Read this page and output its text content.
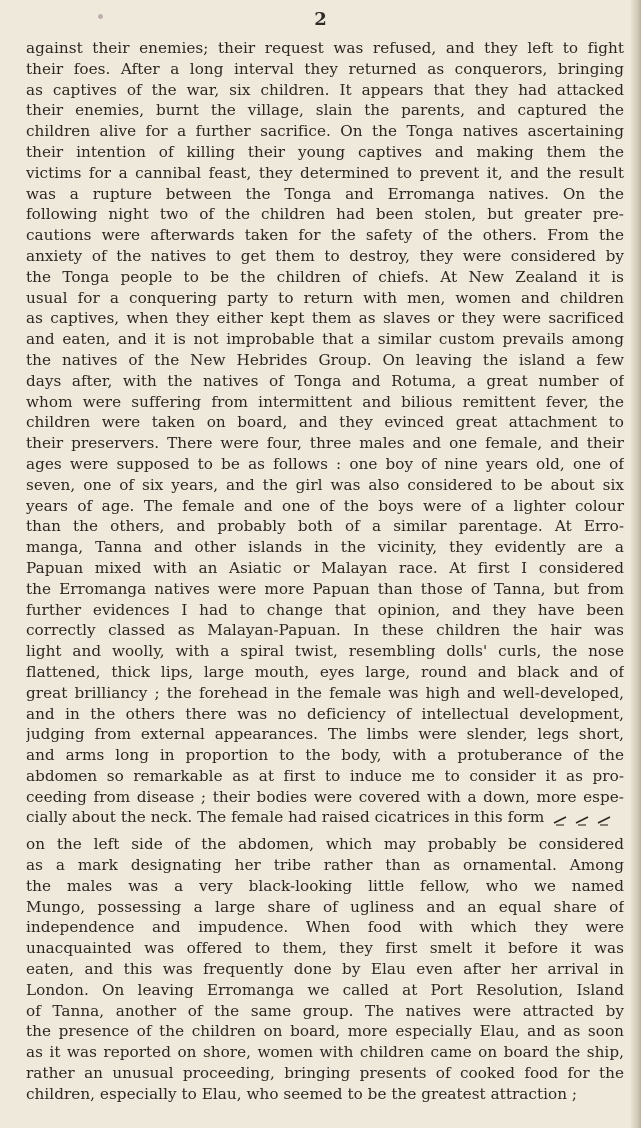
2
against their enemies; their request was refused, and they left to fight
their foes. After a long interval they returned as conquerors, bringing
as captives of the war, six children. It appears that they had attacked
their enemies, burnt the village, slain the parents, and captured the
children alive for a further sacrifice. On the Tonga natives ascertaining
their intention of killing their young captives and making them the
victims for a cannibal feast, they determined to prevent it, and the result
was a rupture between the Tonga and Erromanga natives. On the
following night two of the children had been stolen, but greater pre-
cautions were afterwards taken for the safety of the others. From the
anxiety of the natives to get them to destroy, they were considered by
the Tonga people to be the children of chiefs. At New Zealand it is
usual for a conquering party to return with men, women and children
as captives, when they either kept them as slaves or they were sacrificed
and eaten, and it is not improbable that a similar custom prevails among
the natives of the New Hebrides Group. On leaving the island a few
days after, with the natives of Tonga and Rotuma, a great number of
whom were suffering from intermittent and bilious remittent fever, the
children were taken on board, and they evinced great attachment to
their preservers. There were four, three males and one female, and their
ages were supposed to be as follows : one boy of nine years old, one of
seven, one of six years, and the girl was also considered to be about six
years of age. The female and one of the boys were of a lighter colour
than the others, and probably both of a similar parentage. At Erro-
manga, Tanna and other islands in the vicinity, they evidently are a
Papuan mixed with an Asiatic or Malayan race. At first I considered
the Erromanga natives were more Papuan than those of Tanna, but from
further evidences I had to change that opinion, and they have been
correctly classed as Malayan-Papuan. In these children the hair was
light and woolly, with a spiral twist, resembling dolls' curls, the nose
flattened, thick lips, large mouth, eyes large, round and black and of
great brilliancy ; the forehead in the female was high and well-developed,
and in the others there was no deficiency of intellectual development,
judging from external appearances. The limbs were slender, legs short,
and arms long in proportion to the body, with a protuberance of the
abdomen so remarkable as at first to induce me to consider it as pro-
ceeding from disease ; their bodies were covered with a down, more espe-
cially about the neck. The female had raised cicatrices in this form
on the left side of the abdomen, which may probably be considered
as a mark designating her tribe rather than as ornamental. Among
the males was a very black-looking little fellow, who we named
Mungo, possessing a large share of ugliness and an equal share of
independence and impudence. When food with which they were
unacquainted was offered to them, they first smelt it before it was
eaten, and this was frequently done by Elau even after her arrival in
London. On leaving Erromanga we called at Port Resolution, Island
of Tanna, another of the same group. The natives were attracted by
the presence of the children on board, more especially Elau, and as soon
as it was reported on shore, women with children came on board the ship,
rather an unusual proceeding, bringing presents of cooked food for the
children, especially to Elau, who seemed to be the greatest attraction ;
